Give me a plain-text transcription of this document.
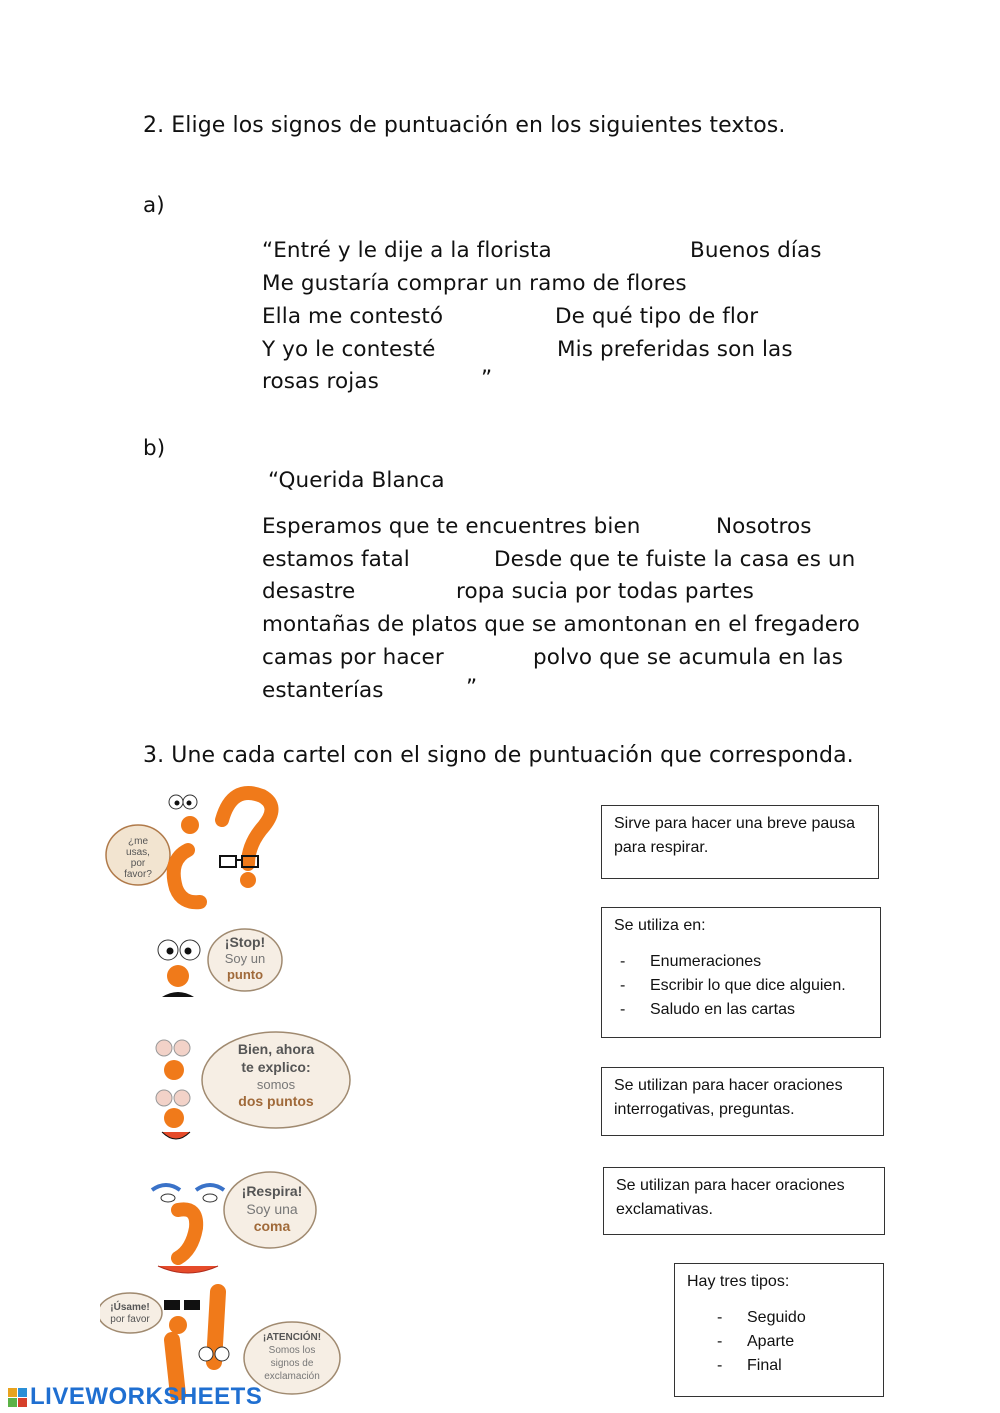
2. Elige los signos de puntuación en los siguientes textos.
a)
“Entré y le dije a la florista	Buenos días
Me gustaría comprar un ramo de flores
Ella me contestó	De qué tipo de flor
Y yo le contesté	Mis preferidas son las
rosas rojas	”
b)
“Querida Blanca
Esperamos que te encuentres bien	Nosotros
estamos fatal	Desde que te fuiste la casa es un
desastre	ropa sucia por todas partes
montañas de platos que se amontonan en el fregadero
camas por hacer	polvo que se acumula en las
estanterías	”
3. Une cada cartel con el signo de puntuación que corresponda.
¿me
usas,
por
favor?
¡Stop!
Soy un
punto
Bien, ahora
te explico:
somos
dos puntos
¡Respira!
Soy una
coma
¡Úsame!
por favor
¡ATENCIÓN!
Somos los
signos de
exclamación
Sirve para hacer una breve pausa para respirar.
Se utiliza en:
- Enumeraciones
- Escribir lo que dice alguien.
- Saludo en las cartas
Se utilizan para hacer oraciones interrogativas, preguntas.
Se utilizan para hacer oraciones exclamativas.
Hay tres tipos:
- Seguido
- Aparte
- Final
LIVEWORKSHEETS
